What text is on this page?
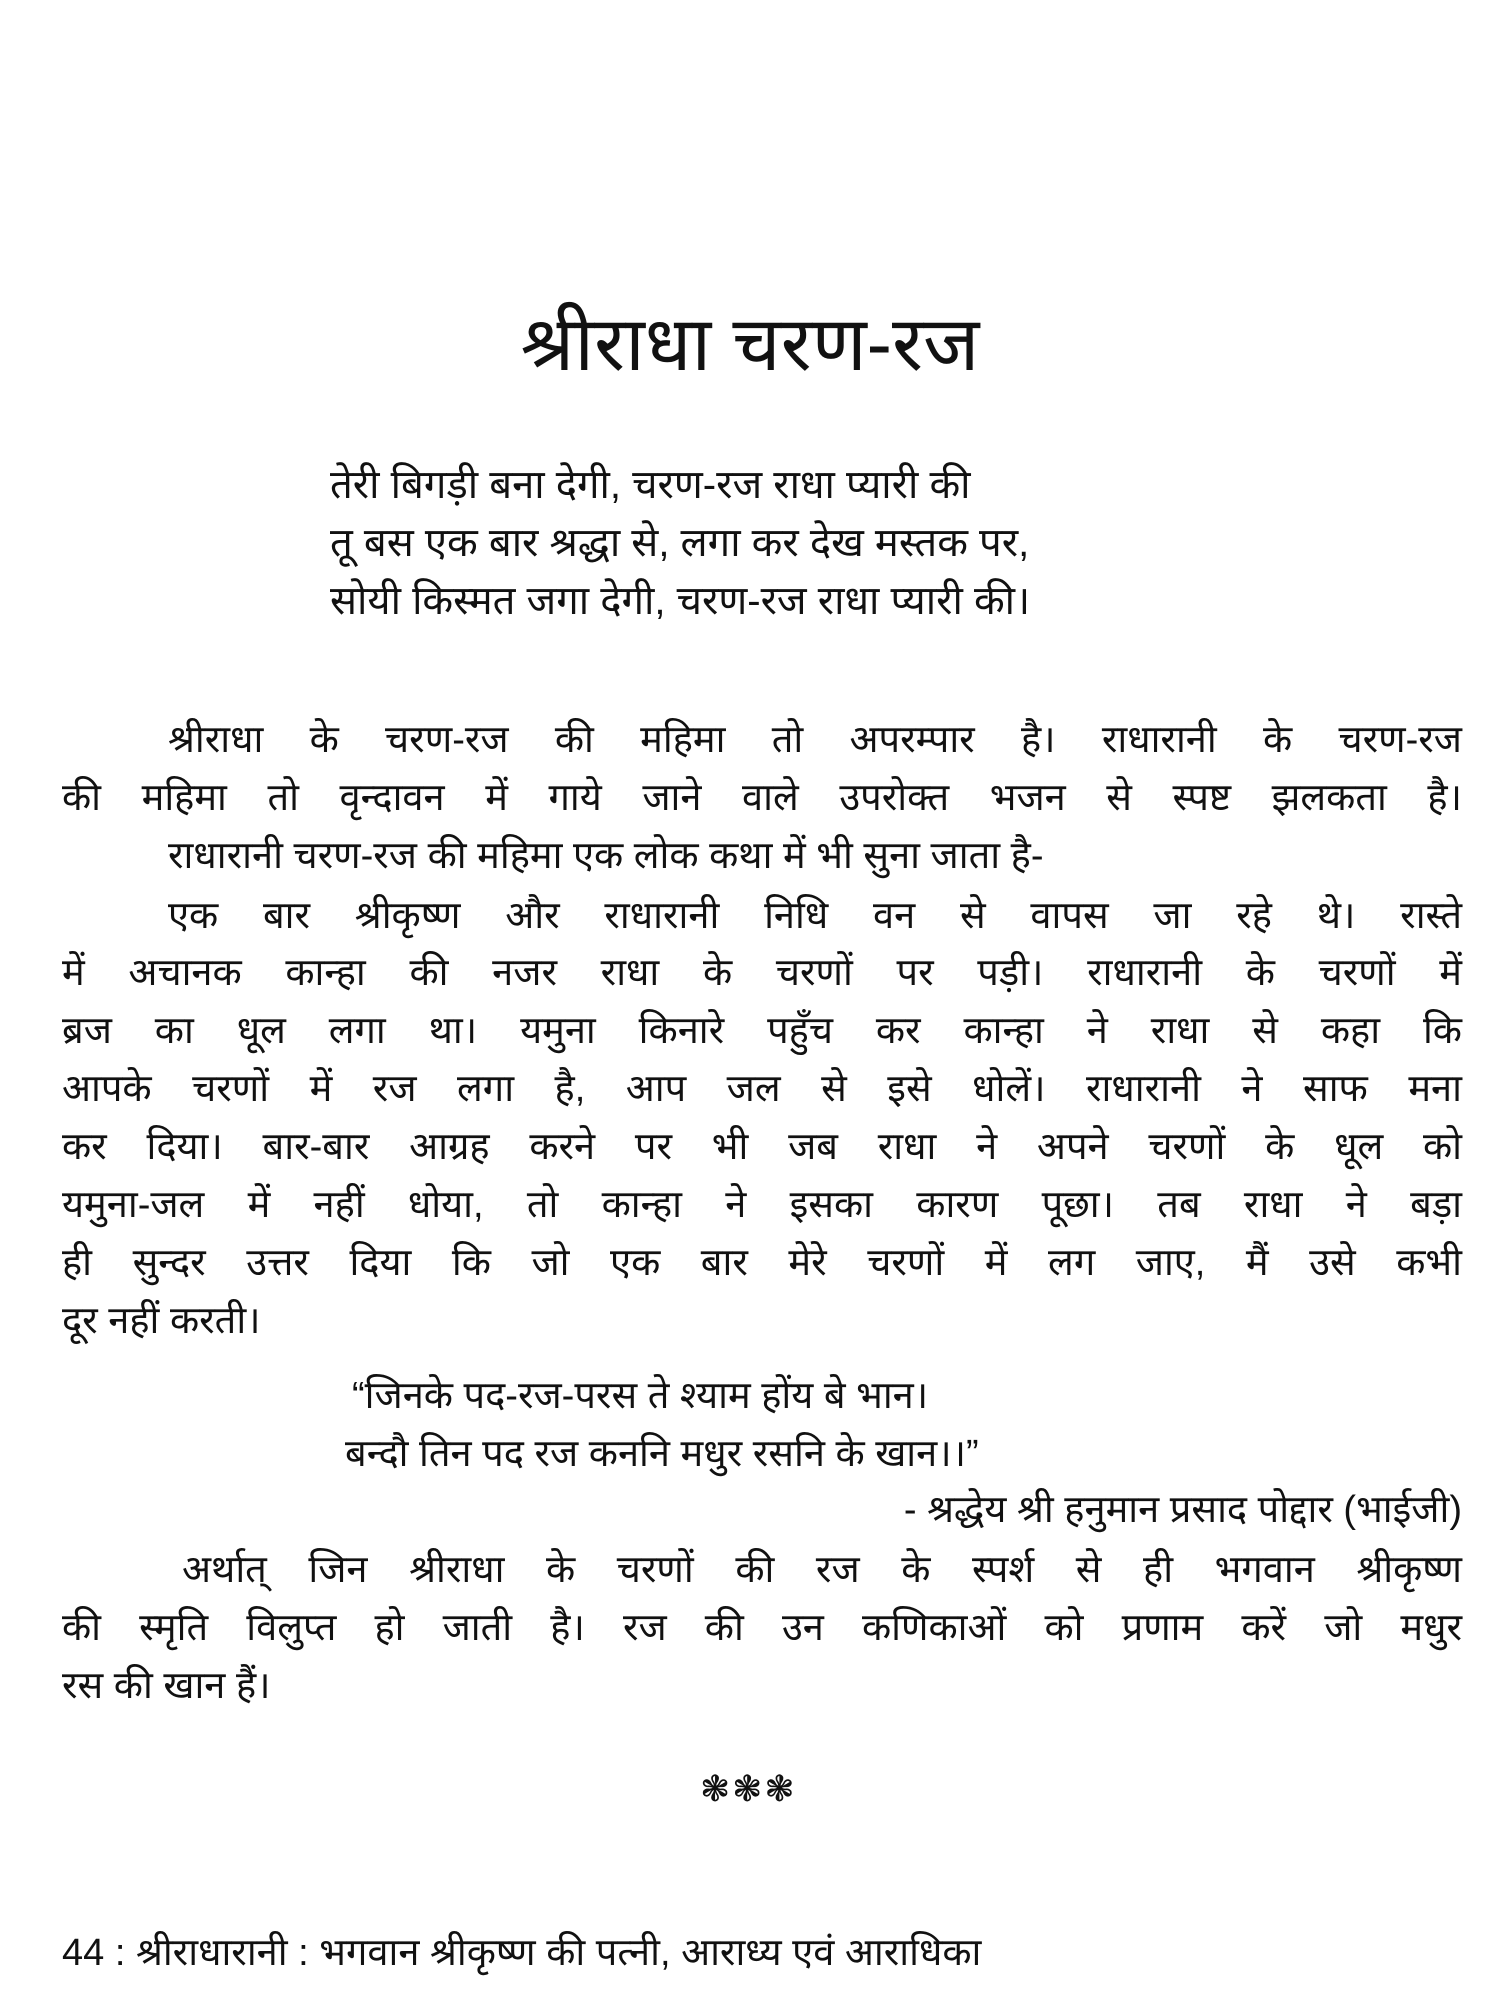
श्रीराधा चरण-रज
तेरी बिगड़ी बना देगी, चरण-रज राधा प्यारी की
तू बस एक बार श्रद्धा से, लगा कर देख मस्तक पर,
सोयी किस्मत जगा देगी, चरण-रज राधा प्यारी की।
श्रीराधा के चरण-रज की महिमा तो अपरम्पार है। राधारानी के चरण-रज
की महिमा तो वृन्दावन में गाये जाने वाले उपरोक्त भजन से स्पष्ट झलकता है।
राधारानी चरण-रज की महिमा एक लोक कथा में भी सुना जाता है-
एक बार श्रीकृष्ण और राधारानी निधि वन से वापस जा रहे थे। रास्ते
में अचानक कान्हा की नजर राधा के चरणों पर पड़ी। राधारानी के चरणों में
ब्रज का धूल लगा था। यमुना किनारे पहुँच कर कान्हा ने राधा से कहा कि
आपके चरणों में रज लगा है, आप जल से इसे धोलें। राधारानी ने साफ मना
कर दिया। बार-बार आग्रह करने पर भी जब राधा ने अपने चरणों के धूल को
यमुना-जल में नहीं धोया, तो कान्हा ने इसका कारण पूछा। तब राधा ने बड़ा
ही सुन्दर उत्तर दिया कि जो एक बार मेरे चरणों में लग जाए, मैं उसे कभी
दूर नहीं करती।
“जिनके पद-रज-परस ते श्याम होंय बे भान।
बन्दौ तिन पद रज कननि मधुर रसनि के खान।।”
- श्रद्धेय श्री हनुमान प्रसाद पोद्दार (भाईजी)
अर्थात् जिन श्रीराधा के चरणों की रज के स्पर्श से ही भगवान श्रीकृष्ण
की स्मृति विलुप्त हो जाती है। रज की उन कणिकाओं को प्रणाम करें जो मधुर
रस की खान हैं।
❃❃❃
44 : श्रीराधारानी : भगवान श्रीकृष्ण की पत्नी, आराध्य एवं आराधिका
